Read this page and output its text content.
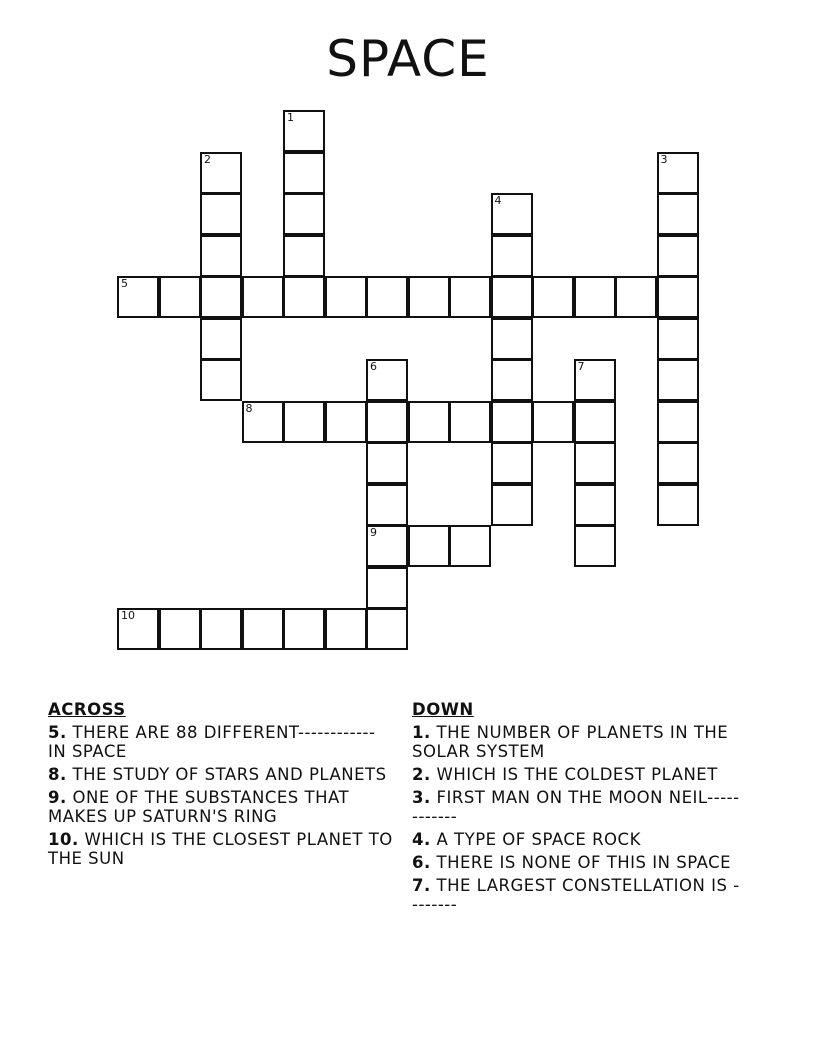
SPACE
1
2	3
4
5
6
9
7
8
10
ACROSS
5. THERE ARE 88 DIFFERENT------------ IN SPACE
8. THE STUDY OF STARS AND PLANETS
9. ONE OF THE SUBSTANCES THAT MAKES UP SATURN'S RING
10. WHICH IS THE CLOSEST PLANET TO THE SUN
DOWN
1. THE NUMBER OF PLANETS IN THE SOLAR SYSTEM
2. WHICH IS THE COLDEST PLANET
3. FIRST MAN ON THE MOON NEIL------------
4. A TYPE OF SPACE ROCK
6. THERE IS NONE OF THIS IN SPACE
7. THE LARGEST CONSTELLATION IS --------
